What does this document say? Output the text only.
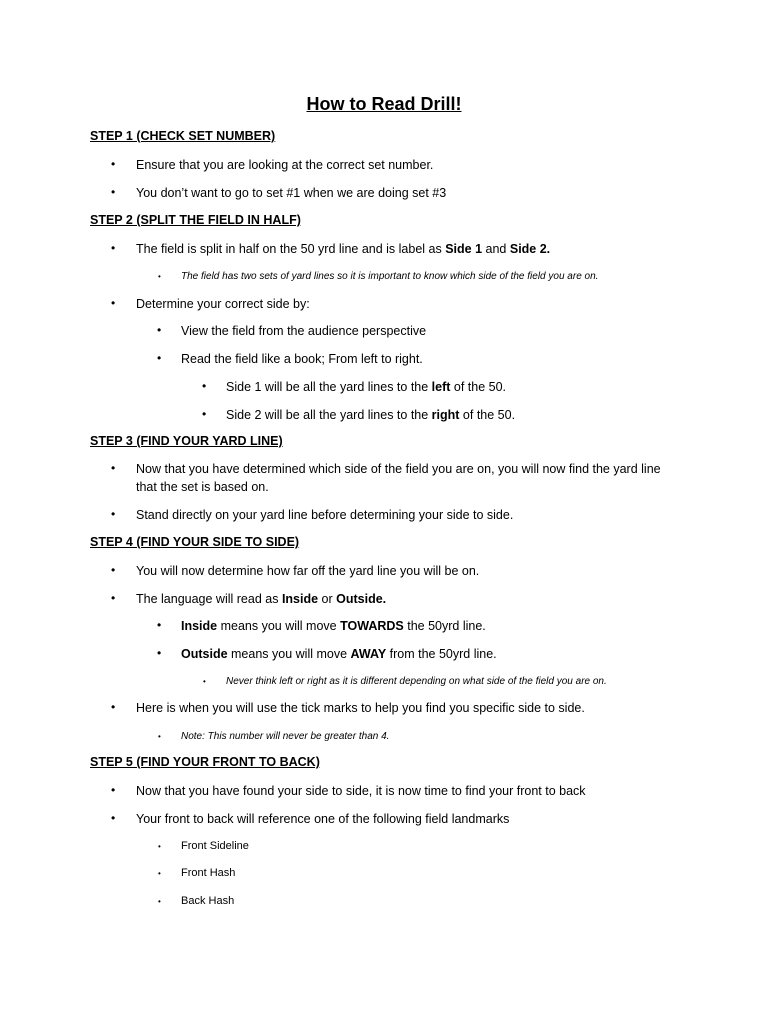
How to Read Drill!
STEP 1 (CHECK SET NUMBER)
• Ensure that you are looking at the correct set number.
• You don’t want to go to set #1 when we are doing set #3
STEP 2 (SPLIT THE FIELD IN HALF)
• The field is split in half on the 50 yrd line and is label as Side 1 and Side 2.
• The field has two sets of yard lines so it is important to know which side of the field you are on.
• Determine your correct side by:
• View the field from the audience perspective
• Read the field like a book; From left to right.
• Side 1 will be all the yard lines to the left of the 50.
• Side 2 will be all the yard lines to the right of the 50.
STEP 3 (FIND YOUR YARD LINE)
• Now that you have determined which side of the field you are on, you will now find the yard line
that the set is based on.
• Stand directly on your yard line before determining your side to side.
STEP 4 (FIND YOUR SIDE TO SIDE)
• You will now determine how far off the yard line you will be on.
• The language will read as Inside or Outside.
• Inside means you will move TOWARDS the 50yrd line.
• Outside means you will move AWAY from the 50yrd line.
• Never think left or right as it is different depending on what side of the field you are on.
• Here is when you will use the tick marks to help you find you specific side to side.
• Note: This number will never be greater than 4.
STEP 5 (FIND YOUR FRONT TO BACK)
• Now that you have found your side to side, it is now time to find your front to back
• Your front to back will reference one of the following field landmarks
• Front Sideline
• Front Hash
• Back Hash
